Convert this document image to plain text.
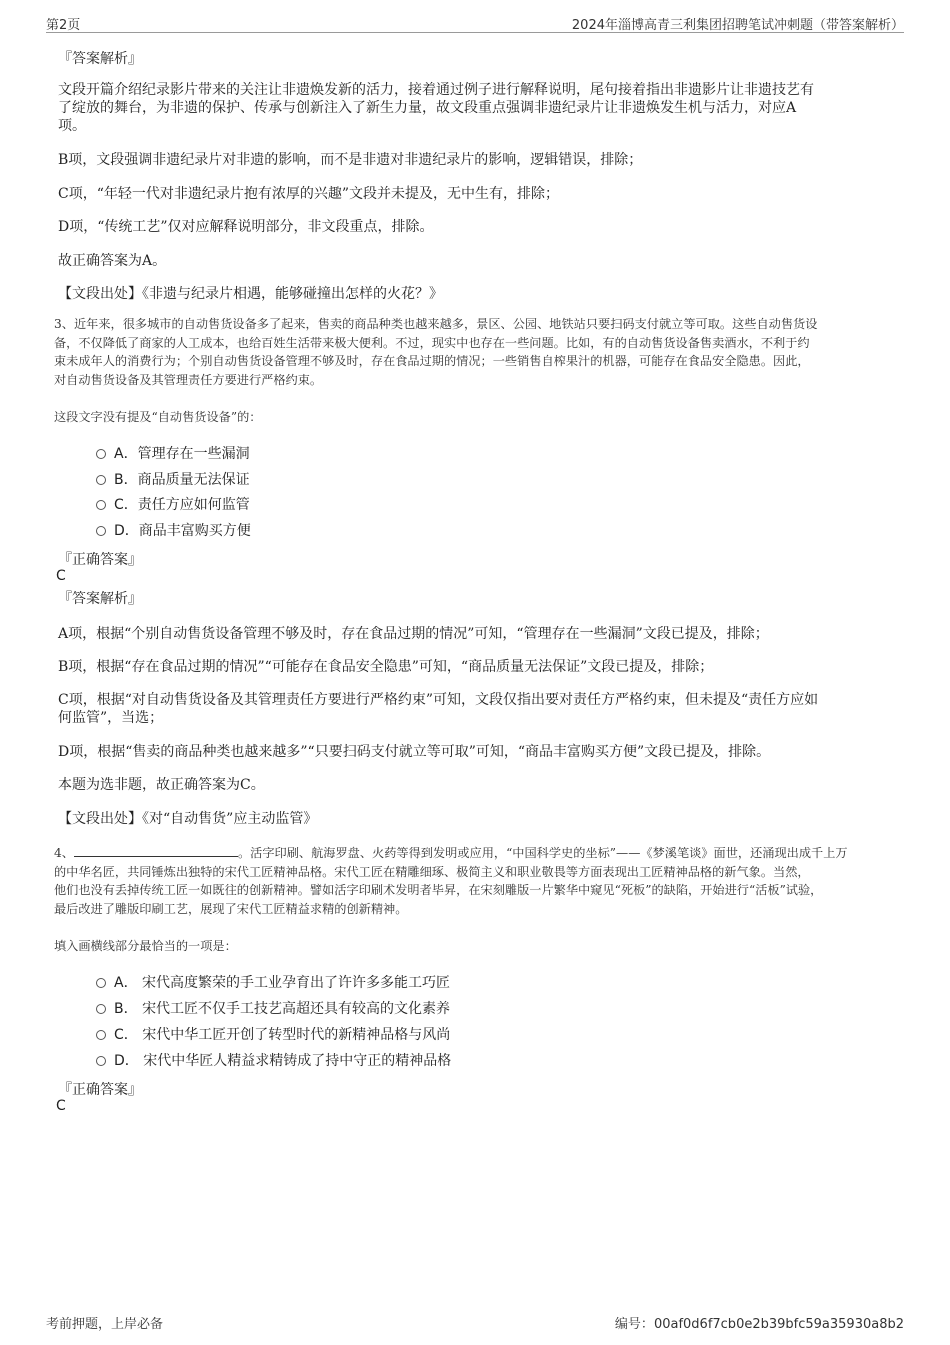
第2页	2024年淄博高青三利集团招聘笔试冲刺题（带答案解析）
『答案解析』
文段开篇介绍纪录影片带来的关注让非遗焕发新的活力，接着通过例子进行解释说明，尾句接着指出非遗影片让非遗技艺有
了绽放的舞台，为非遗的保护、传承与创新注入了新生力量，故文段重点强调非遗纪录片让非遗焕发生机与活力，对应A
项。
B项，文段强调非遗纪录片对非遗的影响，而不是非遗对非遗纪录片的影响，逻辑错误，排除；
C项，“年轻一代对非遗纪录片抱有浓厚的兴趣”文段并未提及，无中生有，排除；
D项，“传统工艺”仅对应解释说明部分，非文段重点，排除。
故正确答案为A。
【文段出处】《非遗与纪录片相遇，能够碰撞出怎样的火花？》
3、近年来，很多城市的自动售货设备多了起来，售卖的商品种类也越来越多，景区、公园、地铁站只要扫码支付就立等可取。这些自动售货设
备，不仅降低了商家的人工成本，也给百姓生活带来极大便利。不过，现实中也存在一些问题。比如，有的自动售货设备售卖酒水，不利于约
束未成年人的消费行为；个别自动售货设备管理不够及时，存在食品过期的情况；一些销售自榨果汁的机器，可能存在食品安全隐患。因此，
对自动售货设备及其管理责任方要进行严格约束。
这段文字没有提及“自动售货设备”的：
A．管理存在一些漏洞
B．商品质量无法保证
C．责任方应如何监管
D．商品丰富购买方便
『正确答案』
C
『答案解析』
A项，根据“个别自动售货设备管理不够及时，存在食品过期的情况”可知，“管理存在一些漏洞”文段已提及，排除；
B项，根据“存在食品过期的情况”“可能存在食品安全隐患”可知，“商品质量无法保证”文段已提及，排除；
C项，根据“对自动售货设备及其管理责任方要进行严格约束”可知，文段仅指出要对责任方严格约束，但未提及“责任方应如
何监管”，当选；
D项，根据“售卖的商品种类也越来越多”“只要扫码支付就立等可取”可知，“商品丰富购买方便”文段已提及，排除。
本题为选非题，故正确答案为C。
【文段出处】《对“自动售货”应主动监管》
4、	。活字印刷、航海罗盘、火药等得到发明或应用，“中国科学史的坐标”——《梦溪笔谈》面世，还涌现出成千上万
的中华名匠，共同锤炼出独特的宋代工匠精神品格。宋代工匠在精雕细琢、极简主义和职业敬畏等方面表现出工匠精神品格的新气象。当然，
他们也没有丢掉传统工匠一如既往的创新精神。譬如活字印刷术发明者毕昇，在宋刻雕版一片繁华中窥见“死板”的缺陷，开始进行“活板”试验，
最后改进了雕版印刷工艺，展现了宋代工匠精益求精的创新精神。
填入画横线部分最恰当的一项是：
A． 宋代高度繁荣的手工业孕育出了许许多多能工巧匠
B． 宋代工匠不仅手工技艺高超还具有较高的文化素养
C． 宋代中华工匠开创了转型时代的新精神品格与风尚
D． 宋代中华匠人精益求精铸成了持中守正的精神品格
『正确答案』
C
考前押题，上岸必备	编号：00af0d6f7cb0e2b39bfc59a35930a8b2
